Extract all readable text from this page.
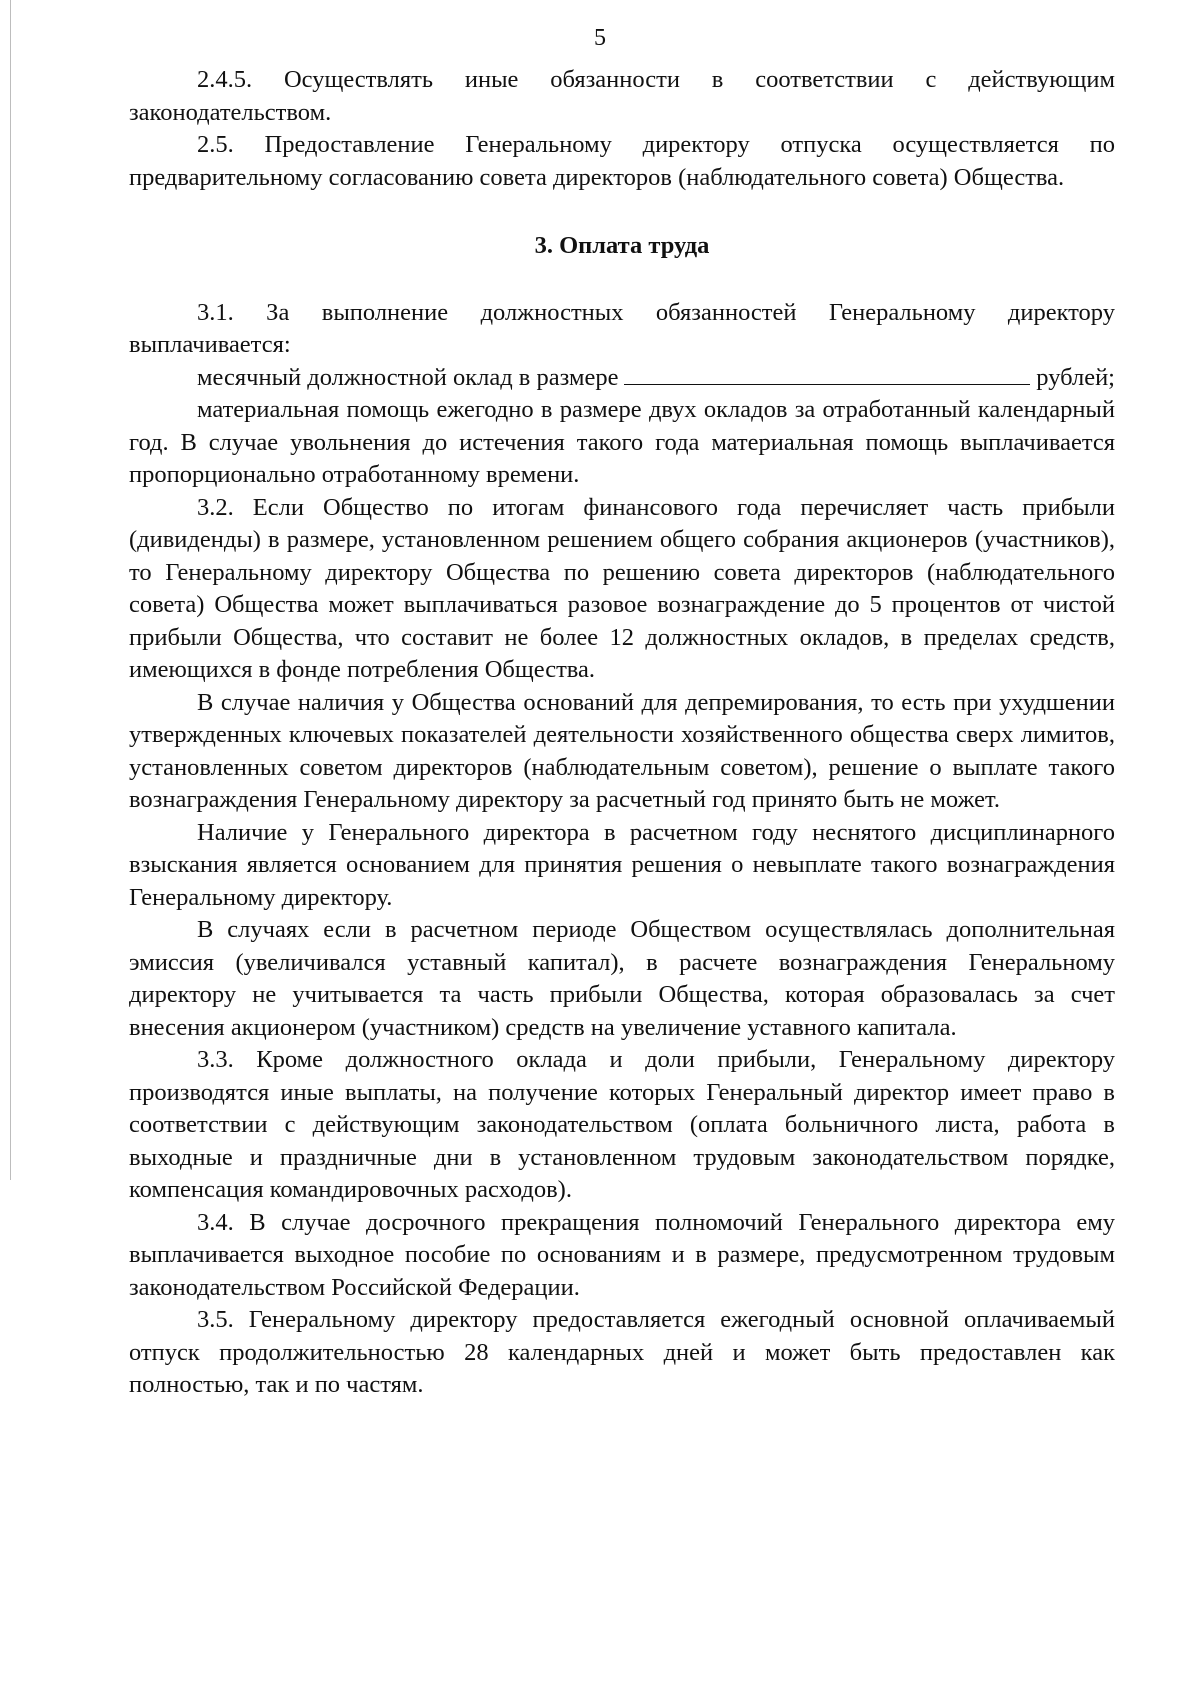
5

2.4.5. Осуществлять иные обязанности в соответствии с действующим законодательством.

2.5. Предоставление Генеральному директору отпуска осуществляется по предварительному согласованию совета директоров (наблюдательного совета) Общества.

3. Оплата труда

3.1. За выполнение должностных обязанностей Генеральному директору выплачивается:

месячный должностной оклад в размере	рублей;

материальная помощь ежегодно в размере двух окладов за отработанный календарный год. В случае увольнения до истечения такого года материальная помощь выплачивается пропорционально отработанному времени.

3.2. Если Общество по итогам финансового года перечисляет часть прибыли (дивиденды) в размере, установленном решением общего собрания акционеров (участников), то Генеральному директору Общества по решению совета директоров (наблюдательного совета) Общества может выплачиваться разовое вознаграждение до 5 процентов от чистой прибыли Общества, что составит не более 12 должностных окладов, в пределах средств, имеющихся в фонде потребления Общества.

В случае наличия у Общества оснований для депремирования, то есть при ухудшении утвержденных ключевых показателей деятельности хозяйственного общества сверх лимитов, установленных советом директоров (наблюдательным советом), решение о выплате такого вознаграждения Генеральному директору за расчетный год принято быть не может.

Наличие у Генерального директора в расчетном году неснятого дисциплинарного взыскания является основанием для принятия решения о невыплате такого вознаграждения Генеральному директору.

В случаях если в расчетном периоде Обществом осуществлялась дополнительная эмиссия (увеличивался уставный капитал), в расчете вознаграждения Генеральному директору не учитывается та часть прибыли Общества, которая образовалась за счет внесения акционером (участником) средств на увеличение уставного капитала.

3.3. Кроме должностного оклада и доли прибыли, Генеральному директору производятся иные выплаты, на получение которых Генеральный директор имеет право в соответствии с действующим законодательством (оплата больничного листа, работа в выходные и праздничные дни в установленном трудовым законодательством порядке, компенсация командировочных расходов).

3.4. В случае досрочного прекращения полномочий Генерального директора ему выплачивается выходное пособие по основаниям и в размере, предусмотренном трудовым законодательством Российской Федерации.

3.5. Генеральному директору предоставляется ежегодный основной оплачиваемый отпуск продолжительностью 28 календарных дней и может быть предоставлен как полностью, так и по частям.
